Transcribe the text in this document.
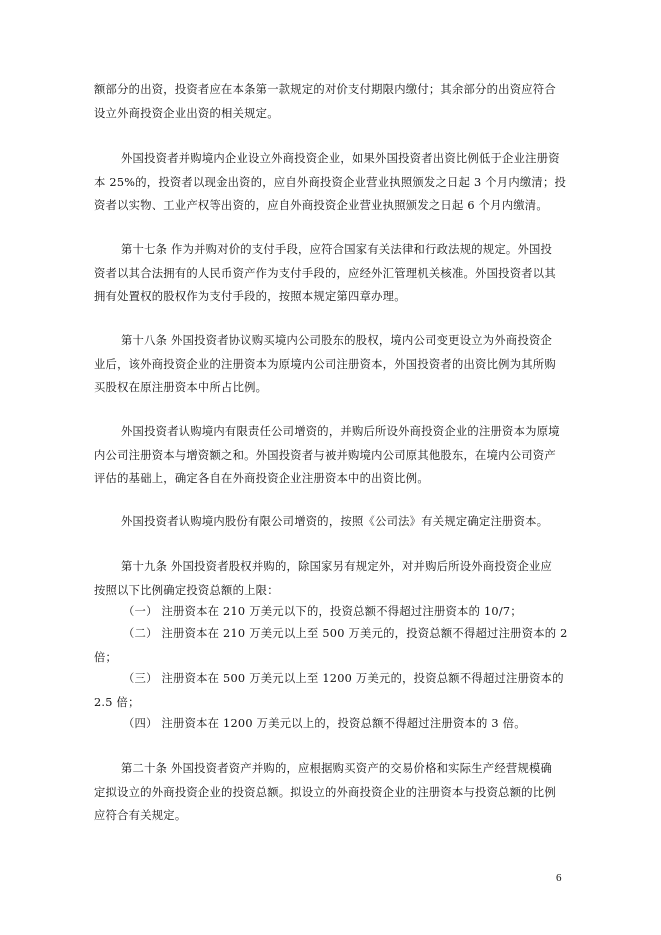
额部分的出资，投资者应在本条第一款规定的对价支付期限内缴付；其余部分的出资应符合
设立外商投资企业出资的相关规定。
外国投资者并购境内企业设立外商投资企业，如果外国投资者出资比例低于企业注册资
本 25%的，投资者以现金出资的，应自外商投资企业营业执照颁发之日起 3 个月内缴清；投
资者以实物、工业产权等出资的，应自外商投资企业营业执照颁发之日起 6 个月内缴清。
第十七条 作为并购对价的支付手段，应符合国家有关法律和行政法规的规定。外国投
资者以其合法拥有的人民币资产作为支付手段的，应经外汇管理机关核准。外国投资者以其
拥有处置权的股权作为支付手段的，按照本规定第四章办理。
第十八条 外国投资者协议购买境内公司股东的股权，境内公司变更设立为外商投资企
业后，该外商投资企业的注册资本为原境内公司注册资本，外国投资者的出资比例为其所购
买股权在原注册资本中所占比例。
外国投资者认购境内有限责任公司增资的，并购后所设外商投资企业的注册资本为原境
内公司注册资本与增资额之和。外国投资者与被并购境内公司原其他股东，在境内公司资产
评估的基础上，确定各自在外商投资企业注册资本中的出资比例。
外国投资者认购境内股份有限公司增资的，按照《公司法》有关规定确定注册资本。
第十九条 外国投资者股权并购的，除国家另有规定外，对并购后所设外商投资企业应
按照以下比例确定投资总额的上限：
（一） 注册资本在 210 万美元以下的，投资总额不得超过注册资本的 10/7；
（二） 注册资本在 210 万美元以上至 500 万美元的，投资总额不得超过注册资本的 2
倍；
（三） 注册资本在 500 万美元以上至 1200 万美元的，投资总额不得超过注册资本的
2.5 倍；
（四） 注册资本在 1200 万美元以上的，投资总额不得超过注册资本的 3 倍。
第二十条 外国投资者资产并购的，应根据购买资产的交易价格和实际生产经营规模确
定拟设立的外商投资企业的投资总额。拟设立的外商投资企业的注册资本与投资总额的比例
应符合有关规定。
6
